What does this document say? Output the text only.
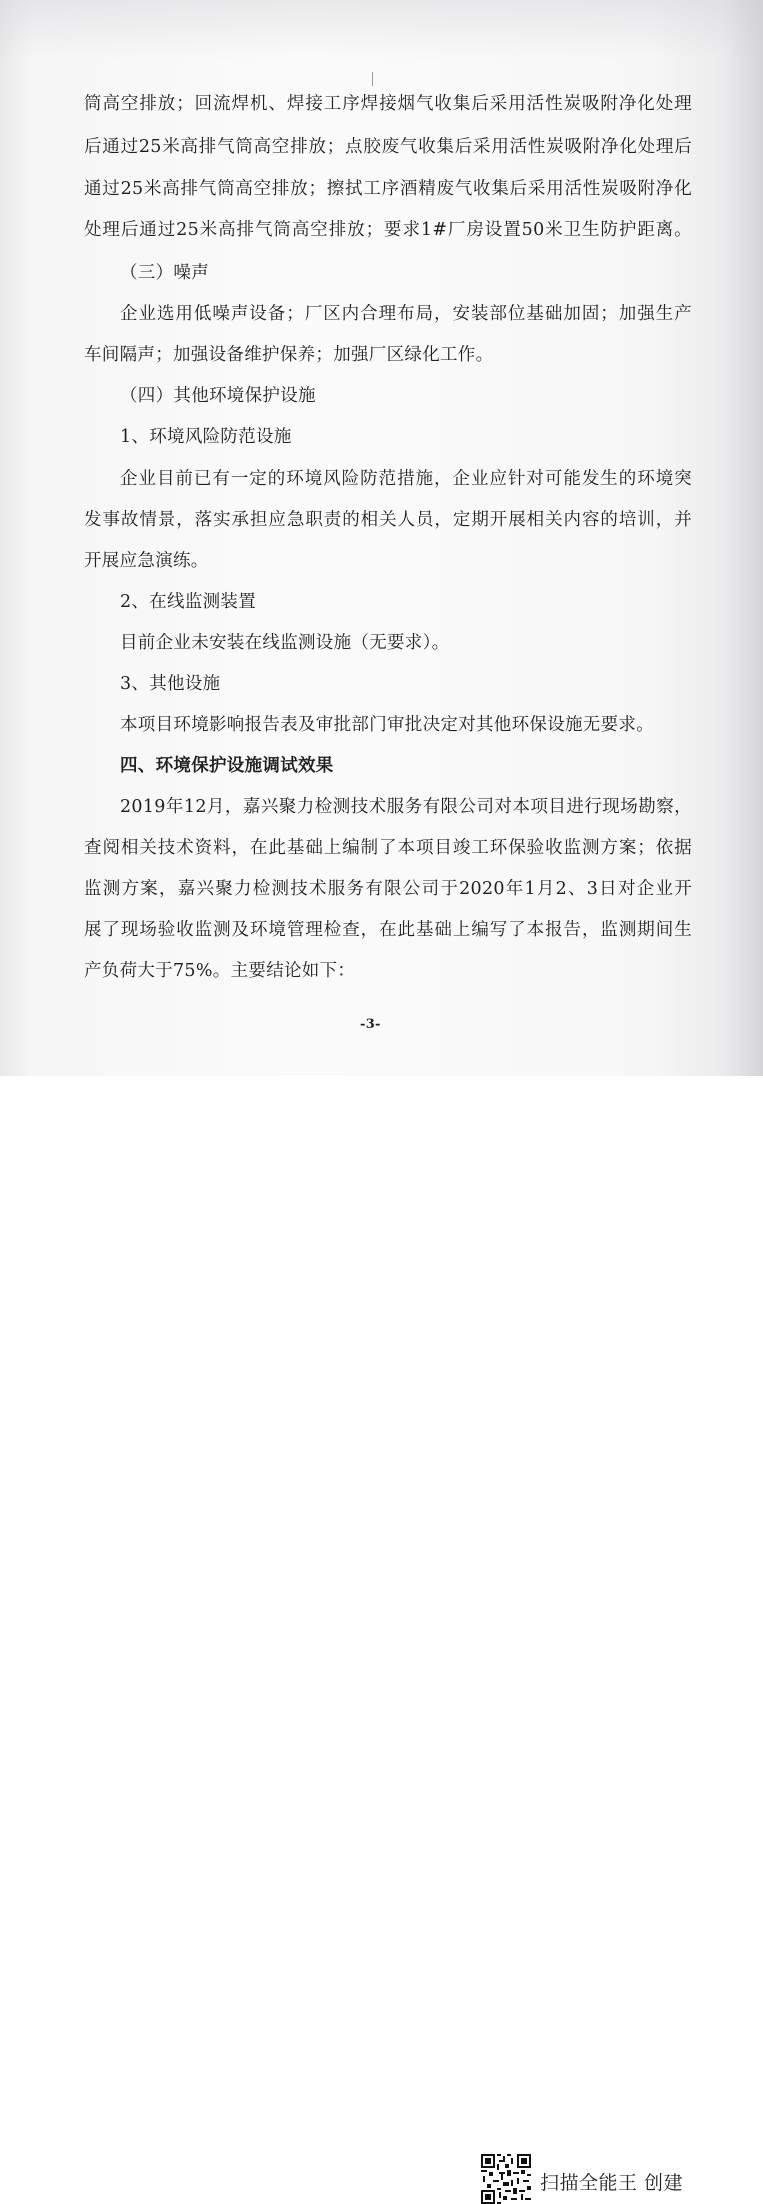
筒高空排放；回流焊机、焊接工序焊接烟气收集后采用活性炭吸附净化处理
后通过25米高排气筒高空排放；点胶废气收集后采用活性炭吸附净化处理后
通过25米高排气筒高空排放；擦拭工序酒精废气收集后采用活性炭吸附净化
处理后通过25米高排气筒高空排放；要求1#厂房设置50米卫生防护距离。
（三）噪声
企业选用低噪声设备；厂区内合理布局，安装部位基础加固；加强生产
车间隔声；加强设备维护保养；加强厂区绿化工作。
（四）其他环境保护设施
1、环境风险防范设施
企业目前已有一定的环境风险防范措施，企业应针对可能发生的环境突
发事故情景，落实承担应急职责的相关人员，定期开展相关内容的培训，并
开展应急演练。
2、在线监测装置
目前企业未安装在线监测设施（无要求）。
3、其他设施
本项目环境影响报告表及审批部门审批决定对其他环保设施无要求。
四、环境保护设施调试效果
2019年12月，嘉兴聚力检测技术服务有限公司对本项目进行现场勘察，
查阅相关技术资料，在此基础上编制了本项目竣工环保验收监测方案；依据
监测方案，嘉兴聚力检测技术服务有限公司于2020年1月2、3日对企业开
展了现场验收监测及环境管理检查，在此基础上编写了本报告，监测期间生
产负荷大于75%。主要结论如下：
-3-
扫描全能王 创建
